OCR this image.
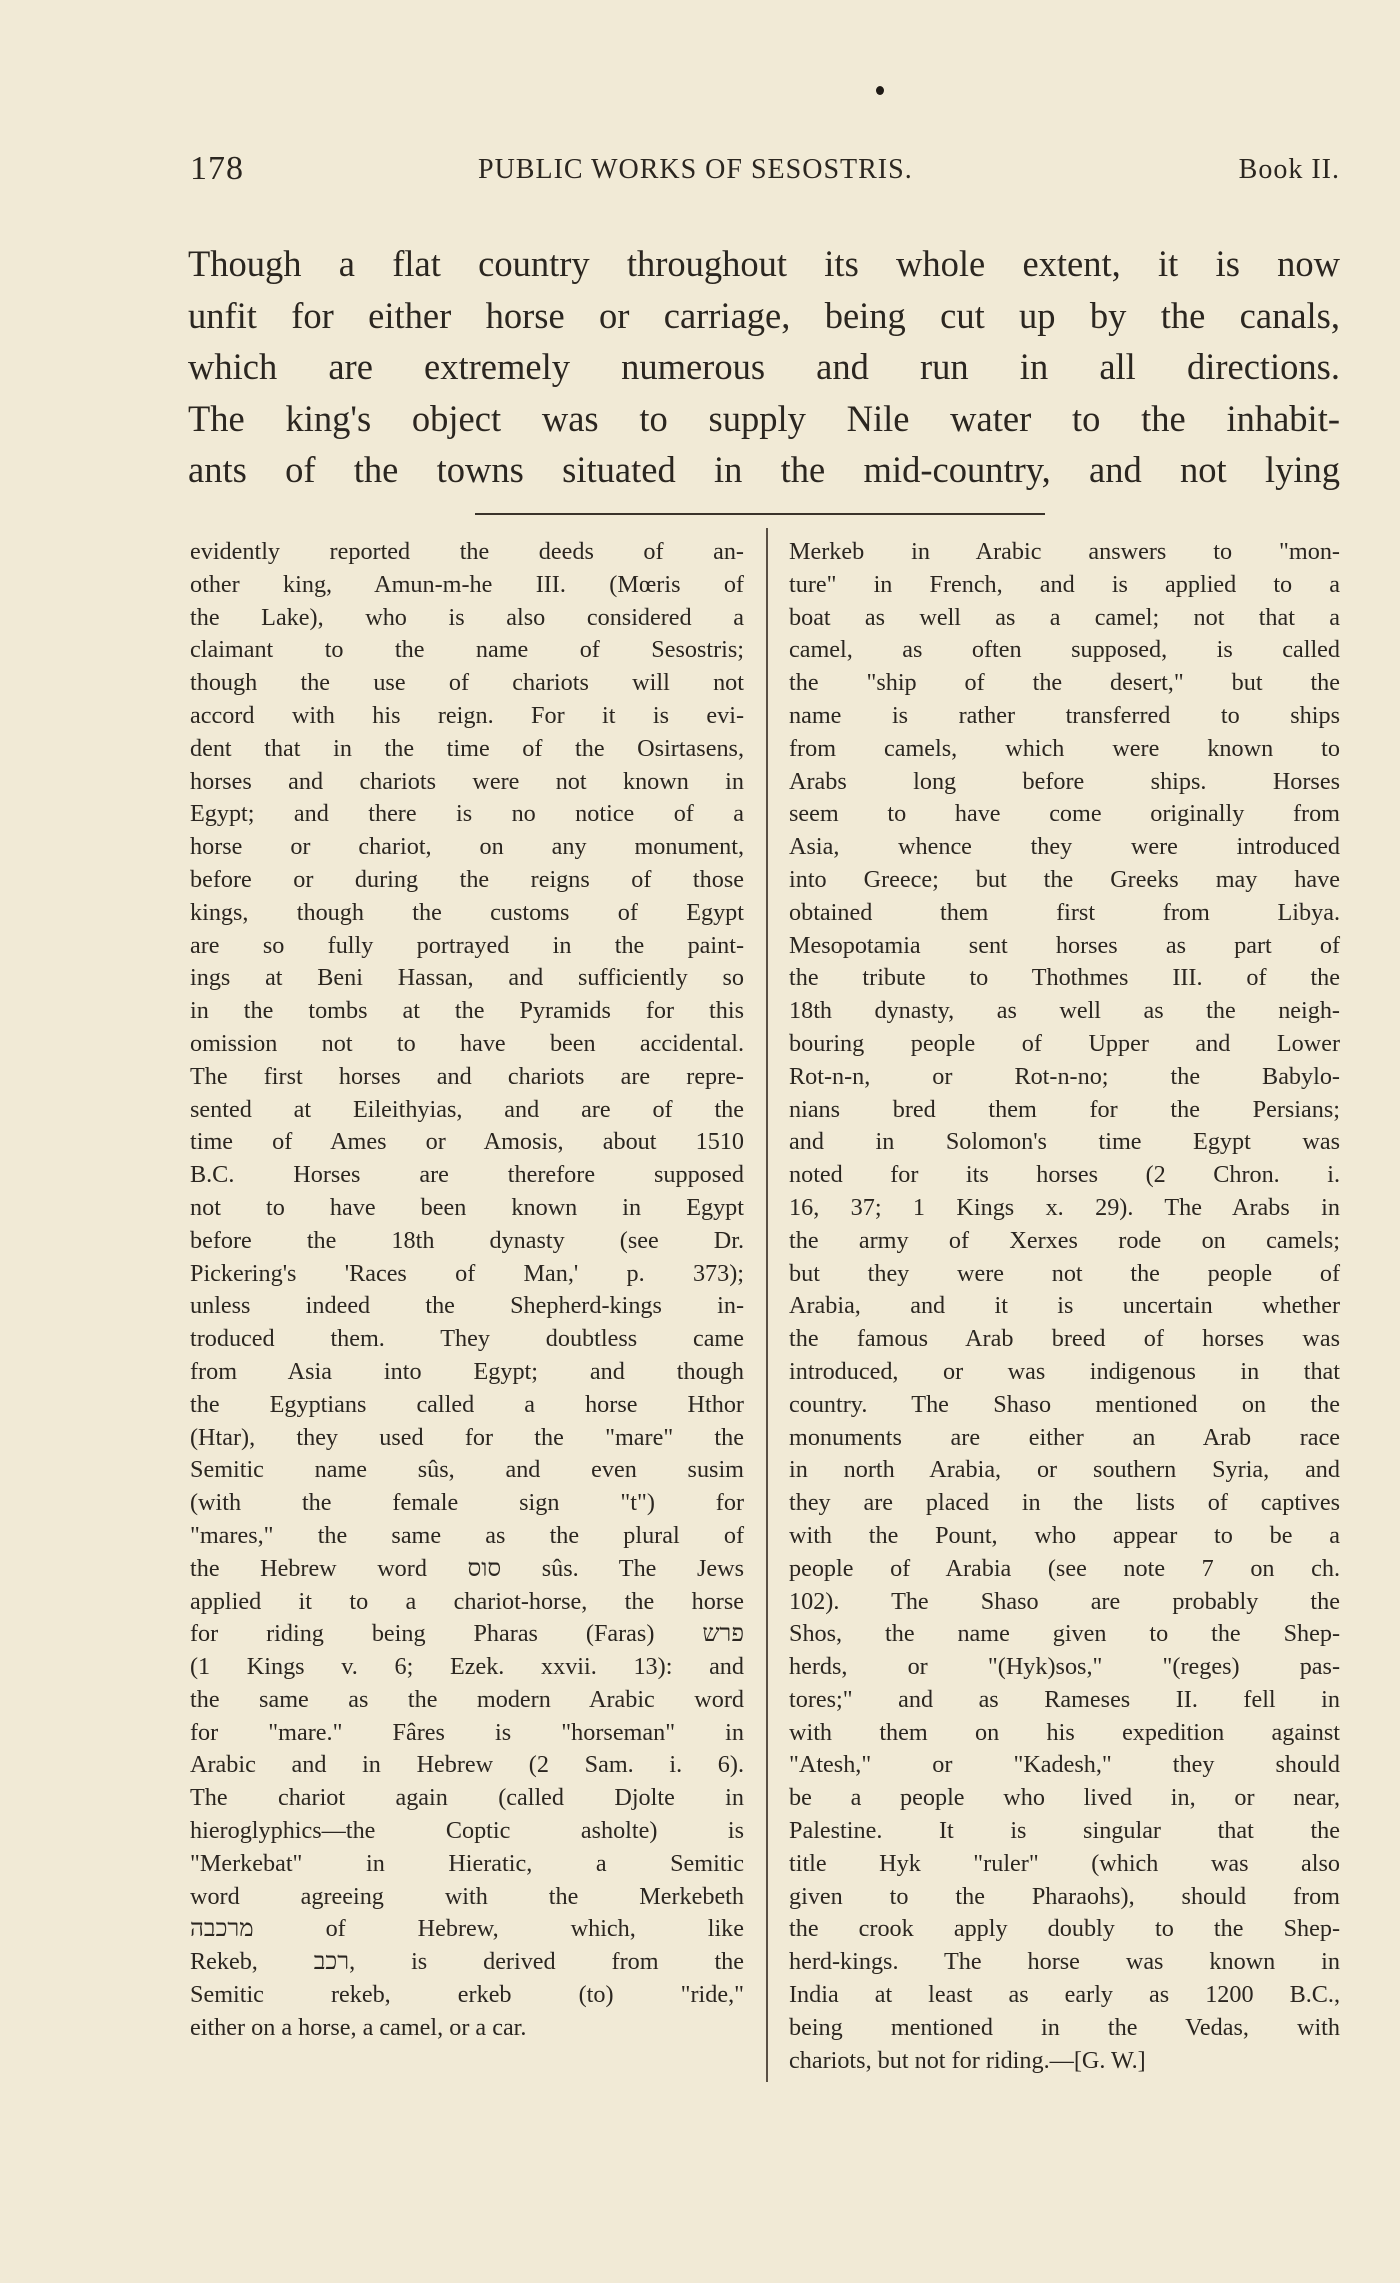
178	PUBLIC WORKS OF SESOSTRIS.	Book II.
Though a flat country throughout its whole extent, it is now
unfit for either horse or carriage, being cut up by the canals,
which are extremely numerous and run in all directions.
The king's object was to supply Nile water to the inhabit-
ants of the towns situated in the mid-country, and not lying
evidently reported the deeds of an-
other king, Amun-m-he III. (Mœris of
the Lake), who is also considered a
claimant to the name of Sesostris;
though the use of chariots will not
accord with his reign. For it is evi-
dent that in the time of the Osirtasens,
horses and chariots were not known in
Egypt; and there is no notice of a
horse or chariot, on any monument,
before or during the reigns of those
kings, though the customs of Egypt
are so fully portrayed in the paint-
ings at Beni Hassan, and sufficiently so
in the tombs at the Pyramids for this
omission not to have been accidental.
The first horses and chariots are repre-
sented at Eileithyias, and are of the
time of Ames or Amosis, about 1510
B.C. Horses are therefore supposed
not to have been known in Egypt
before the 18th dynasty (see Dr.
Pickering's 'Races of Man,' p. 373);
unless indeed the Shepherd-kings in-
troduced them. They doubtless came
from Asia into Egypt; and though
the Egyptians called a horse Hthor
(Htar), they used for the "mare" the
Semitic name sûs, and even susim
(with the female sign "t") for
"mares," the same as the plural of
the Hebrew word סוס sûs. The Jews
applied it to a chariot-horse, the horse
for riding being Pharas (Faras) פרש
(1 Kings v. 6; Ezek. xxvii. 13): and
the same as the modern Arabic word
for "mare." Fâres is "horseman" in
Arabic and in Hebrew (2 Sam. i. 6).
The chariot again (called Djolte in
hieroglyphics—the Coptic asholte) is
"Merkebat" in Hieratic, a Semitic
word agreeing with the Merkebeth
מרכבה of Hebrew, which, like
Rekeb, רכב, is derived from the
Semitic rekeb, erkeb (to) "ride,"
either on a horse, a camel, or a car.
Merkeb in Arabic answers to "mon-
ture" in French, and is applied to a
boat as well as a camel; not that a
camel, as often supposed, is called
the "ship of the desert," but the
name is rather transferred to ships
from camels, which were known to
Arabs long before ships. Horses
seem to have come originally from
Asia, whence they were introduced
into Greece; but the Greeks may have
obtained them first from Libya.
Mesopotamia sent horses as part of
the tribute to Thothmes III. of the
18th dynasty, as well as the neigh-
bouring people of Upper and Lower
Rot-n-n, or Rot-n-no; the Babylo-
nians bred them for the Persians;
and in Solomon's time Egypt was
noted for its horses (2 Chron. i.
16, 37; 1 Kings x. 29). The Arabs in
the army of Xerxes rode on camels;
but they were not the people of
Arabia, and it is uncertain whether
the famous Arab breed of horses was
introduced, or was indigenous in that
country. The Shaso mentioned on the
monuments are either an Arab race
in north Arabia, or southern Syria, and
they are placed in the lists of captives
with the Pount, who appear to be a
people of Arabia (see note 7 on ch.
102). The Shaso are probably the
Shos, the name given to the Shep-
herds, or "(Hyk)sos," "(reges) pas-
tores;" and as Rameses II. fell in
with them on his expedition against
"Atesh," or "Kadesh," they should
be a people who lived in, or near,
Palestine. It is singular that the
title Hyk "ruler" (which was also
given to the Pharaohs), should from
the crook apply doubly to the Shep-
herd-kings. The horse was known in
India at least as early as 1200 B.C.,
being mentioned in the Vedas, with
chariots, but not for riding.—[G. W.]
